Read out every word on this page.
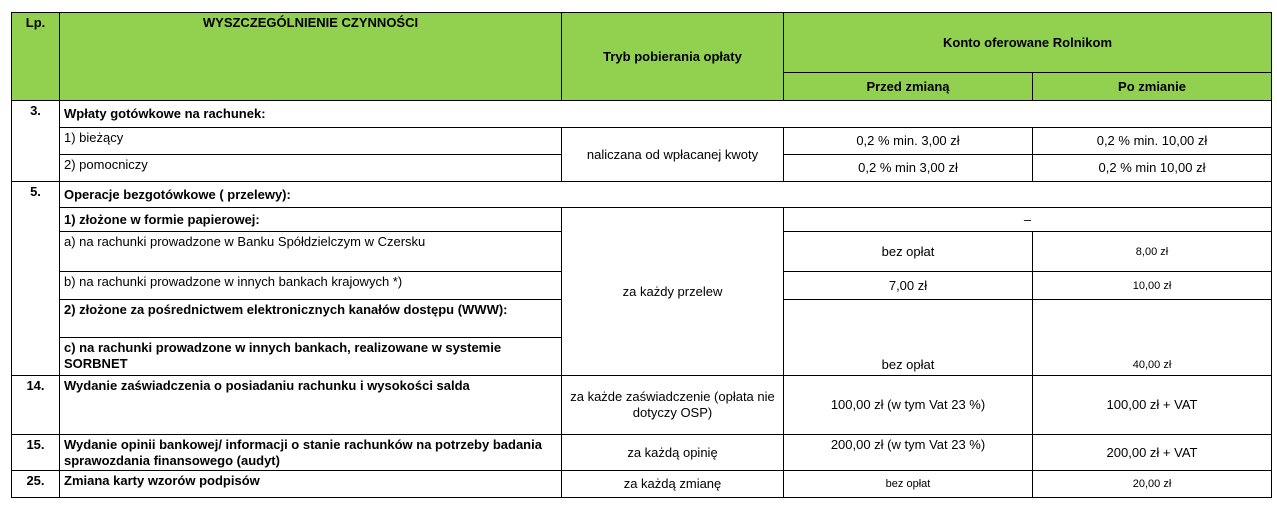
Lp.	WYSZCZEGÓLNIENIE CZYNNOŚCI	Tryb pobierania opłaty	Konto oferowane Rolnikom	
			Przed zmianą	Po zmianie
3.	Wpłaty gotówkowe na rachunek:			
	1) bieżący	naliczana od wpłacanej kwoty	0,2 % min. 3,00 zł	0,2 % min. 10,00 zł
	2) pomocniczy		0,2 % min 3,00 zł	0,2 % min 10,00 zł
5.	Operacje bezgotówkowe ( przelewy):			
	1) złożone w formie papierowej:	za każdy przelew	–	
	a) na rachunki prowadzone w Banku Spółdzielczym w Czersku		bez opłat	8,00 zł
	b) na rachunki prowadzone w innych bankach krajowych *)		7,00 zł	10,00 zł
	2) złożone za pośrednictwem elektronicznych kanałów dostępu (WWW):		bez opłat	40,00 zł
	c) na rachunki prowadzone w innych bankach, realizowane w systemie SORBNET			
14.	Wydanie zaświadczenia o posiadaniu rachunku i wysokości salda	za każde zaświadczenie (opłata nie dotyczy OSP)	100,00 zł (w tym Vat 23 %)	100,00 zł + VAT
15.	Wydanie opinii bankowej/ informacji o stanie rachunków na potrzeby badania sprawozdania finansowego (audyt)	za każdą opinię	200,00 zł (w tym Vat 23 %)	200,00 zł + VAT
25.	Zmiana karty wzorów podpisów	za każdą zmianę	bez opłat	20,00 zł
